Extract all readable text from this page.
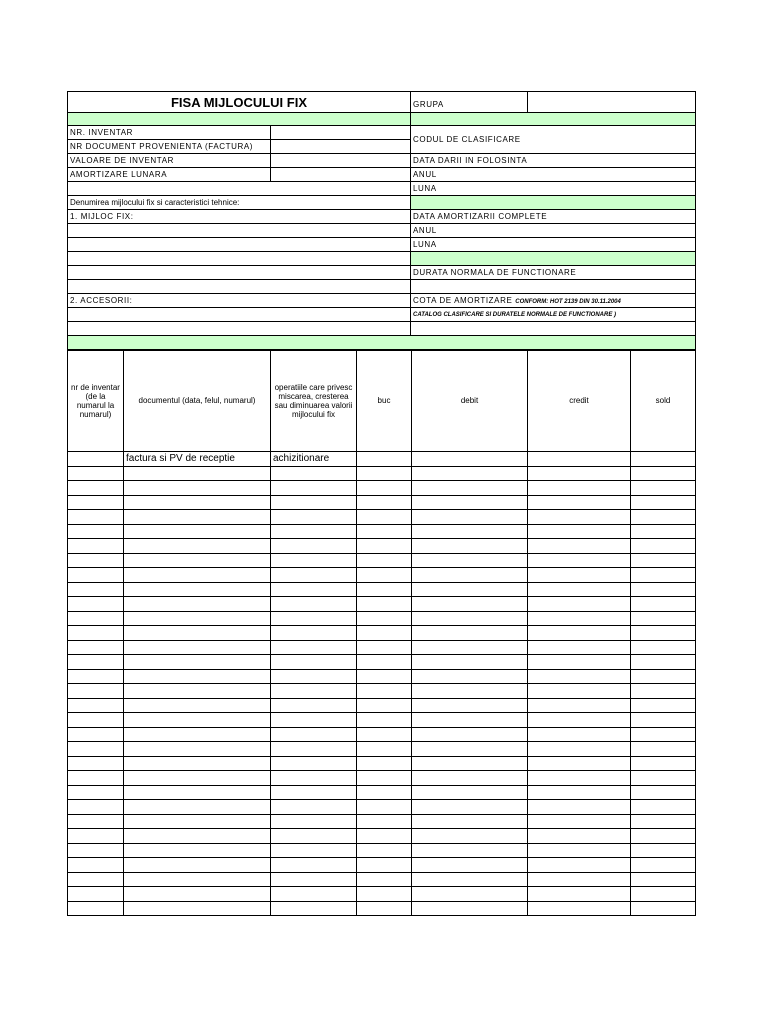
FISA MIJLOCULUI FIX		GRUPA	

NR. INVENTAR		CODUL DE CLASIFICARE	
NR DOCUMENT PROVENIENTA (FACTURA)			
VALOARE DE INVENTAR		DATA DARII IN FOLOSINTA	
AMORTIZARE LUNARA		ANUL	
		LUNA	
Denumirea mijlocului fix si caracteristici tehnice:			
1. MIJLOC FIX:		DATA AMORTIZARII COMPLETE	
		ANUL	
		LUNA	

		DURATA NORMALA DE FUNCTIONARE	

2. ACCESORII:		COTA DE AMORTIZARE CONFORM: HOT 2139 DIN 30.11.2004	
		CATALOG CLASIFICARE SI DURATELE NORMALE DE FUNCTIONARE )	

nr de inventar (de la numarul la numarul)	documentul (data, felul, numarul)	operatiile care privesc miscarea, cresterea sau diminuarea valorii mijlocului fix	buc	debit	credit	sold
	factura si PV de receptie	achizitionare				
